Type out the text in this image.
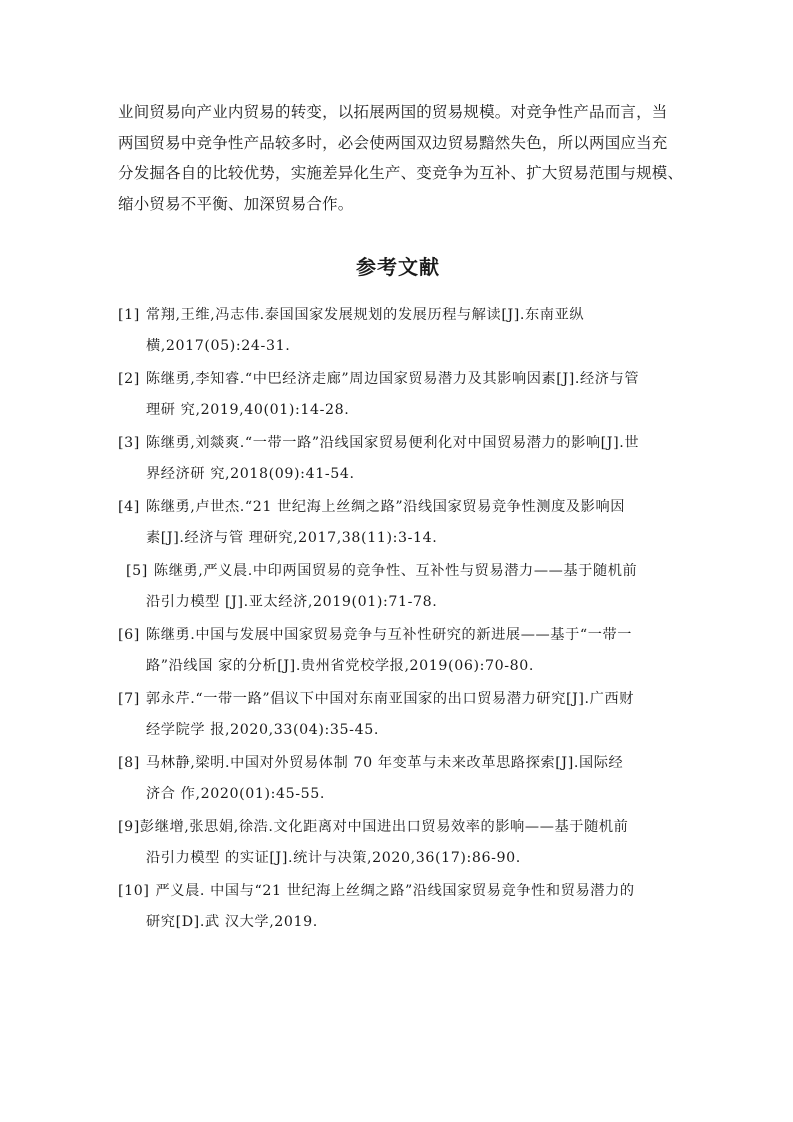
业间贸易向产业内贸易的转变，以拓展两国的贸易规模。对竞争性产品而言，当
两国贸易中竞争性产品较多时，必会使两国双边贸易黯然失色，所以两国应当充
分发掘各自的比较优势，实施差异化生产、变竞争为互补、扩大贸易范围与规模、
缩小贸易不平衡、加深贸易合作。

参考文献
[1] 常翔,王维,冯志伟.泰国国家发展规划的发展历程与解读[J].东南亚纵
横,2017(05):24-31.
[2] 陈继勇,李知睿.“中巴经济走廊”周边国家贸易潜力及其影响因素[J].经济与管
理研 究,2019,40(01):14-28.
[3] 陈继勇,刘燚爽.“一带一路”沿线国家贸易便利化对中国贸易潜力的影响[J].世
界经济研 究,2018(09):41-54.
[4] 陈继勇,卢世杰.“21 世纪海上丝绸之路”沿线国家贸易竞争性测度及影响因
素[J].经济与管 理研究,2017,38(11):3-14.
[5] 陈继勇,严义晨.中印两国贸易的竞争性、互补性与贸易潜力——基于随机前
沿引力模型 [J].亚太经济,2019(01):71-78.
[6] 陈继勇.中国与发展中国家贸易竞争与互补性研究的新进展——基于“一带一
路”沿线国 家的分析[J].贵州省党校学报,2019(06):70-80.
[7] 郭永芹.“一带一路”倡议下中国对东南亚国家的出口贸易潜力研究[J].广西财
经学院学 报,2020,33(04):35-45.
[8] 马林静,梁明.中国对外贸易体制 70 年变革与未来改革思路探索[J].国际经
济合 作,2020(01):45-55.
[9]彭继增,张思娟,徐浩.文化距离对中国进出口贸易效率的影响——基于随机前
沿引力模型 的实证[J].统计与决策,2020,36(17):86-90.
[10] 严义晨. 中国与“21 世纪海上丝绸之路”沿线国家贸易竞争性和贸易潜力的
研究[D].武 汉大学,2019.
